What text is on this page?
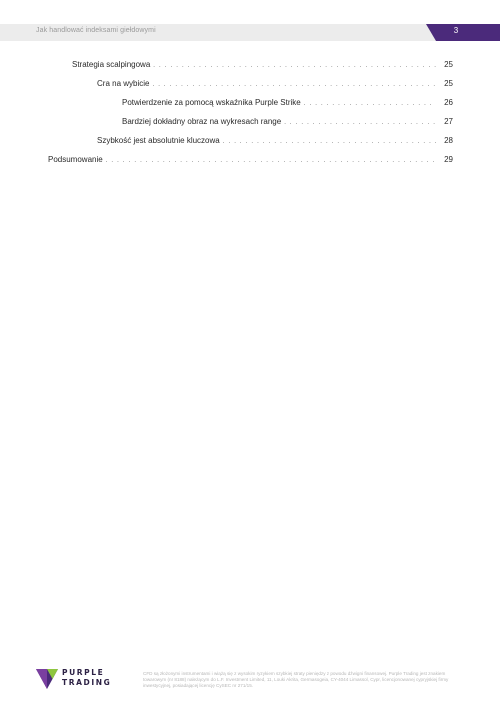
Jak handlować indeksami giełdowymi	3
Strategia scalpingowa . . .	25
Cra na wybicie . . .	25
Potwierdzenie za pomocą wskaźnika Purple Strike . . .	26
Bardziej dokładny obraz na wykresach range . . .	27
Szybkość jest absolutnie kluczowa . . .	28
Podsumowanie . . .	29
PURPLE
TRADING
CFD są złożonymi instrumentami i wiążą się z wysokim ryzykiem szybkiej straty pieniędzy z powodu dźwigni finansowej. Purple Trading jest znakiem towarowym (nr 8188) należącym do L.F. Investment Limited, 11, Louki Akrita, Germasogeia, CY-4044 Limassol, Cypr, licencjonowanej cypryjskiej firmy inwestycyjnej, posiadającej licencję CySEC nr 271/15.
